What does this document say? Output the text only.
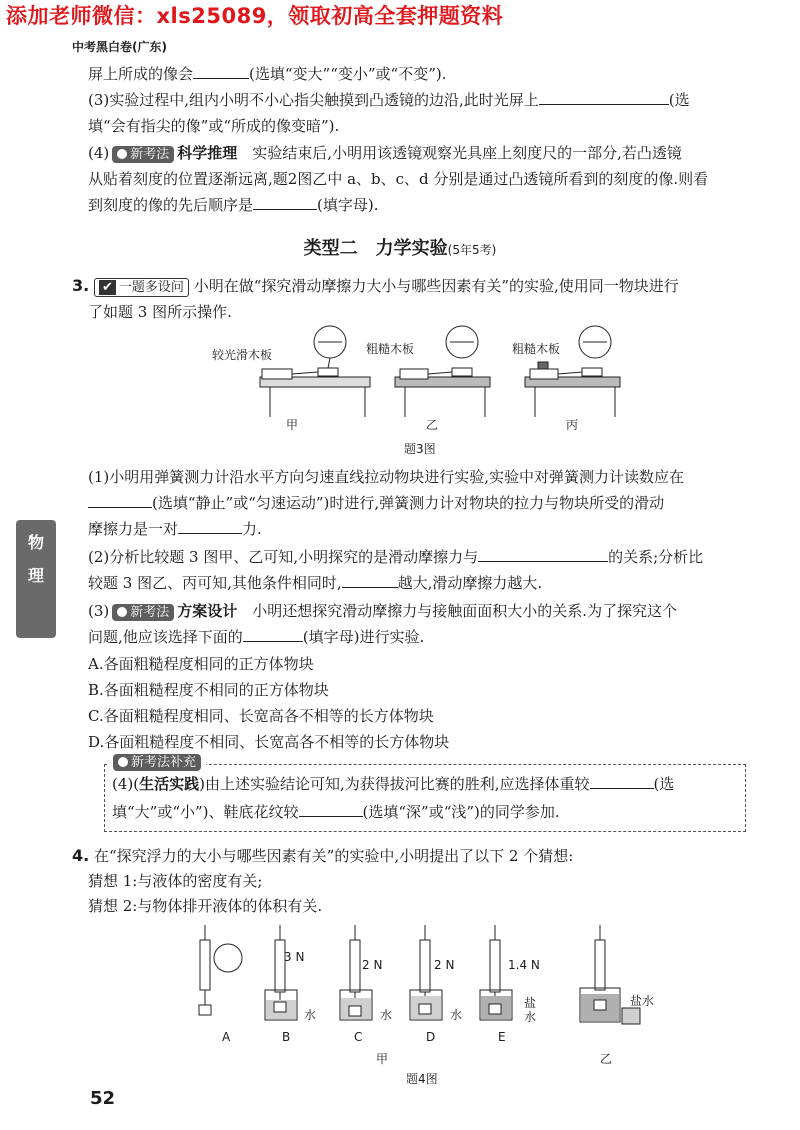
添加老师微信：xls25089，领取初高全套押题资料
中考黑白卷(广东)
屏上所成的像会	(选填“变大”“变小”或“不变”).
(3)实验过程中,组内小明不小心指尖触摸到凸透镜的边沿,此时光屏上	(选
填“会有指尖的像”或“所成的像变暗”).
(4) 新考法 科学推理　 实验结束后,小明用该透镜观察光具座上刻度尺的一部分,若凸透镜
从贴着刻度的位置逐渐远离,题2图乙中 a、b、c、d 分别是通过凸透镜所看到的刻度的像.则看
到刻度的像的先后顺序是	(填字母).
类型二　力学实验(5年5考)
3. ✔ 一题多设问 小明在做“探究滑动摩擦力大小与哪些因素有关”的实验,使用同一物块进行
了如题 3 图所示操作.
较光滑木板	粗糙木板	粗糙木板
甲	乙	丙
题3图
(1)小明用弹簧测力计沿水平方向匀速直线拉动物块进行实验,实验中对弹簧测力计读数应在
(选填“静止”或“匀速运动”)时进行,弹簧测力计对物块的拉力与物块所受的滑动
摩擦力是一对	力.
(2)分析比较题 3 图甲、乙可知,小明探究的是滑动摩擦力与	的关系;分析比
较题 3 图乙、丙可知,其他条件相同时,	越大,滑动摩擦力越大.
(3) 新考法 方案设计　 小明还想探究滑动摩擦力与接触面面积大小的关系.为了探究这个
问题,他应该选择下面的	(填字母)进行实验.
A.各面粗糙程度相同的正方体物块
B.各面粗糙程度不相同的正方体物块
C.各面粗糙程度相同、长宽高各不相等的长方体物块
D.各面粗糙程度不相同、长宽高各不相等的长方体物块
新考法补充
(4)(生活实践)由上述实验结论可知,为获得拔河比赛的胜利,应选择体重较	(选
填“大”或“小”)、鞋底花纹较	(选填“深”或“浅”)的同学参加.
4. 在“探究浮力的大小与哪些因素有关”的实验中,小明提出了以下 2 个猜想:
猜想 1:与液体的密度有关;
猜想 2:与物体排开液体的体积有关.
3 N
2 N	2 N	1.4 N
水	水	水
盐水
盐水
A	B	C	D	E
甲	乙
题4图
物
理
52
